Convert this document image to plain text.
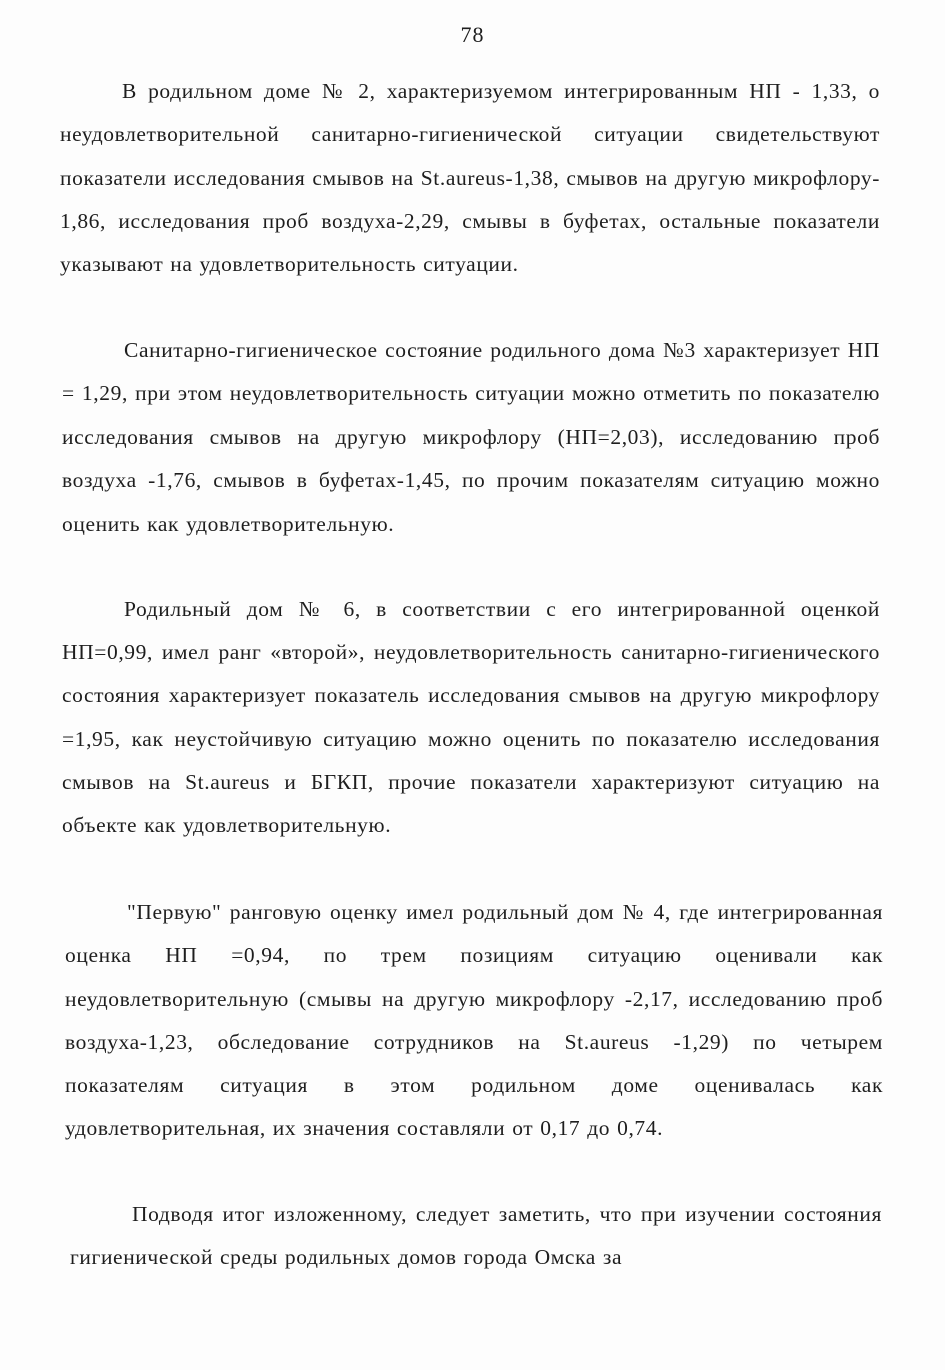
78

В родильном доме № 2, характеризуемом интегрированным НП - 1,33, о неудовлетворительной санитарно-гигиенической ситуации свидетельствуют показатели исследования смывов на St.aureus-1,38, смывов на другую микрофлору- 1,86, исследования проб воздуха-2,29, смывы в буфетах, остальные показатели указывают на удовлетворительность ситуации.

Санитарно-гигиеническое состояние родильного дома №3 характеризует НП = 1,29, при этом неудовлетворительность ситуации можно отметить по показателю исследования смывов на другую микрофлору (НП=2,03), исследованию проб воздуха -1,76, смывов в буфетах-1,45, по прочим показателям ситуацию можно оценить как удовлетворительную.

Родильный дом № 6, в соответствии с его интегрированной оценкой НП=0,99, имел ранг «второй», неудовлетворительность санитарно-гигиенического состояния характеризует показатель исследования смывов на другую микрофлору =1,95, как неустойчивую ситуацию можно оценить по показателю исследования смывов на St.aureus и БГКП, прочие показатели характеризуют ситуацию на объекте как удовлетворительную.

"Первую" ранговую оценку имел родильный дом № 4, где интегрированная оценка НП =0,94, по трем позициям ситуацию оценивали как неудовлетворительную (смывы на другую микрофлору -2,17, исследованию проб воздуха-1,23, обследование сотрудников на St.aureus -1,29) по четырем показателям ситуация в этом родильном доме оценивалась как удовлетворительная, их значения составляли от 0,17 до 0,74.

Подводя итог изложенному, следует заметить, что при изучении состояния гигиенической среды родильных домов города Омска за
